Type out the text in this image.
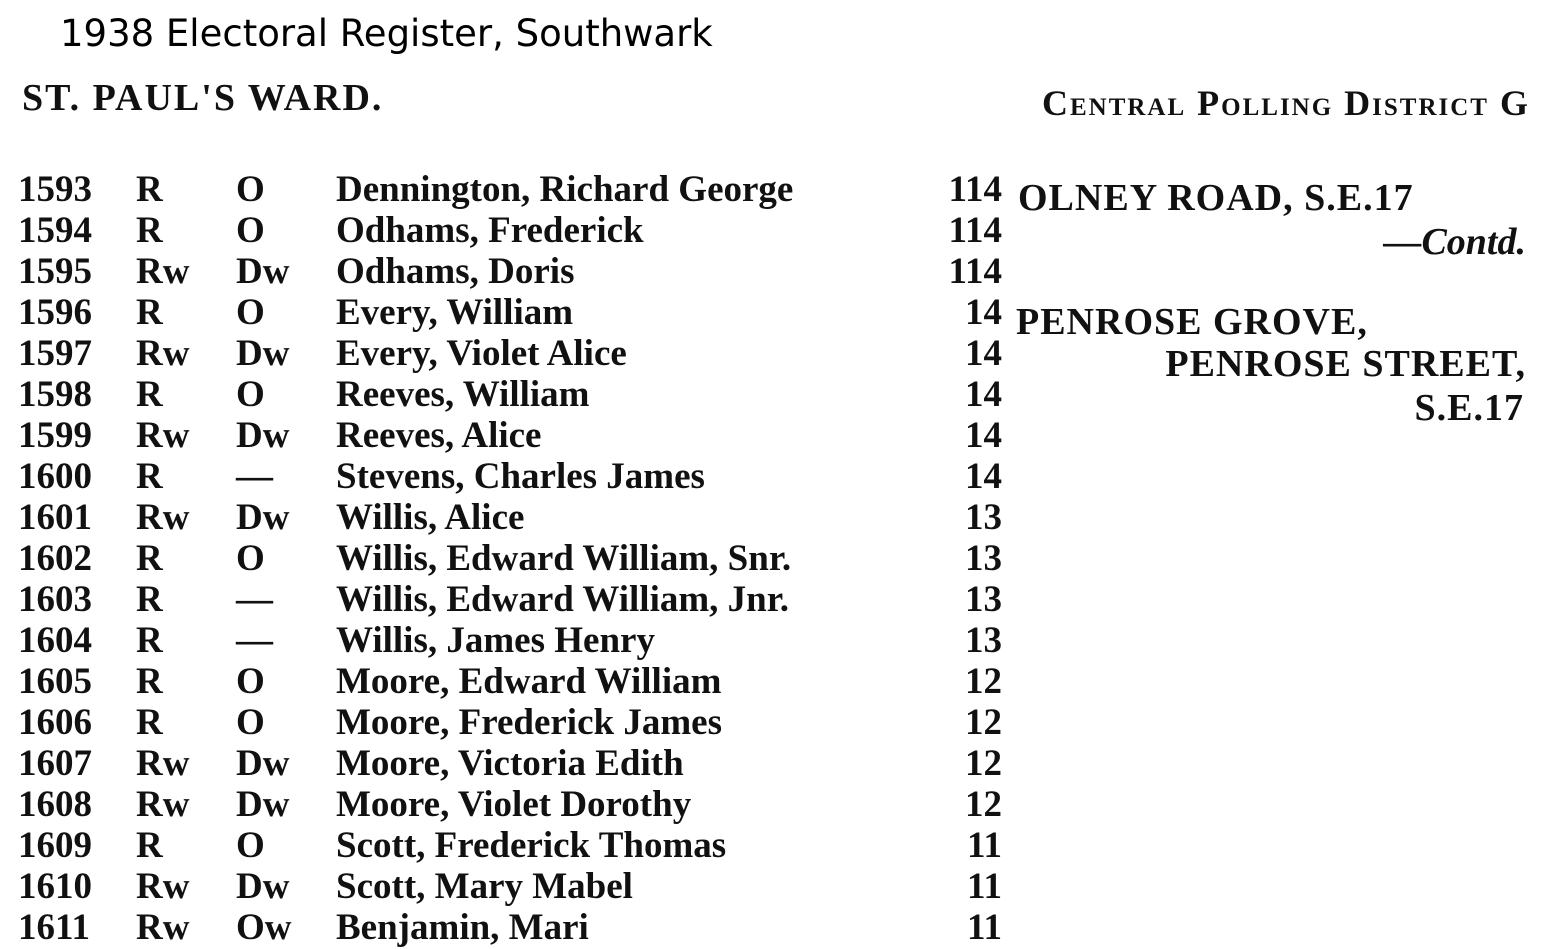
1938 Electoral Register, Southwark
ST. PAUL'S WARD.	Central Polling District G
1593 R O Dennington, Richard George	114
1594 R O Odhams, Frederick	114
1595 Rw Dw Odhams, Doris	114
1596 R O Every, William	14
1597 Rw Dw Every, Violet Alice	14
1598 R O Reeves, William	14
1599 Rw Dw Reeves, Alice	14
1600 R — Stevens, Charles James	14
1601 Rw Dw Willis, Alice	13
1602 R O Willis, Edward William, Snr.	13
1603 R — Willis, Edward William, Jnr.	13
1604 R — Willis, James Henry	13
1605 R O Moore, Edward William	12
1606 R O Moore, Frederick James	12
1607 Rw Dw Moore, Victoria Edith	12
1608 Rw Dw Moore, Violet Dorothy	12
1609 R O Scott, Frederick Thomas	11
1610 Rw Dw Scott, Mary Mabel	11
OLNEY ROAD, S.E.17
—Contd.
PENROSE GROVE,
PENROSE STREET,
S.E.17
1611 Rw Ow Benjamin, Mari	11
